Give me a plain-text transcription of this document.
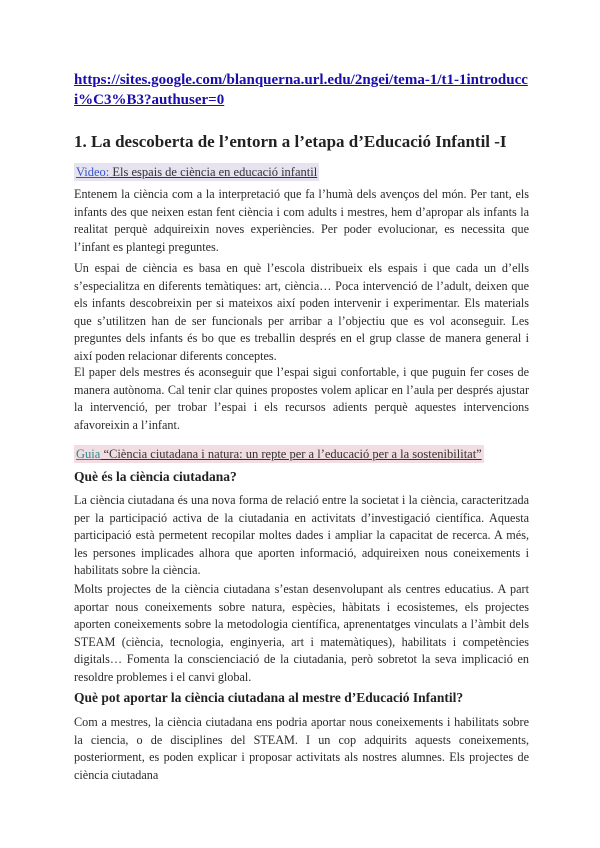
https://sites.google.com/blanquerna.url.edu/2ngei/tema-1/t1-1introducci%C3%B3?authuser=0
1. La descoberta de l’entorn a l’etapa d’Educació Infantil -I
Video: Els espais de ciència en educació infantil

Entenem la ciència com a la interpretació que fa l’humà dels avenços del món. Per tant, els infants des que neixen estan fent ciència i com adults i mestres, hem d’apropar als infants la realitat perquè adquireixin noves experiències. Per poder evolucionar, es necessita que l’infant es plantegi preguntes.

Un espai de ciència es basa en què l’escola distribueix els espais i que cada un d’ells s’especialitza en diferents temàtiques: art, ciència… Poca intervenció de l’adult, deixen que els infants descobreixin per si mateixos així poden intervenir i experimentar. Els materials que s’utilitzen han de ser funcionals per arribar a l’objectiu que es vol aconseguir. Les preguntes dels infants és bo que es treballin després en el grup classe de manera general i així poden relacionar diferents conceptes.

El paper dels mestres és aconseguir que l’espai sigui confortable, i que puguin fer coses de manera autònoma. Cal tenir clar quines propostes volem aplicar en l’aula per després ajustar la intervenció, per trobar l’espai i els recursos adients perquè aquestes intervencions afavoreixin a l’infant.

Guia “Ciència ciutadana i natura: un repte per a l’educació per a la sostenibilitat”
Què és la ciència ciutadana?

La ciència ciutadana és una nova forma de relació entre la societat i la ciència, caracteritzada per la participació activa de la ciutadania en activitats d’investigació científica. Aquesta participació està permetent recopilar moltes dades i ampliar la capacitat de recerca. A més, les persones implicades alhora que aporten informació, adquireixen nous coneixements i habilitats sobre la ciència.

Molts projectes de la ciència ciutadana s’estan desenvolupant als centres educatius. A part aportar nous coneixements sobre natura, espècies, hàbitats i ecosistemes, els projectes aporten coneixements sobre la metodologia científica, aprenentatges vinculats a l’àmbit dels STEAM (ciència, tecnologia, enginyeria, art i matemàtiques), habilitats i competències digitals… Fomenta la conscienciació de la ciutadania, però sobretot la seva implicació en resoldre problemes i el canvi global.

Què pot aportar la ciència ciutadana al mestre d’Educació Infantil?

Com a mestres, la ciència ciutadana ens podria aportar nous coneixements i habilitats sobre la ciencia, o de disciplines del STEAM. I un cop adquirits aquests coneixements, posteriorment, es poden explicar i proposar activitats als nostres alumnes. Els projectes de ciència ciutadana
